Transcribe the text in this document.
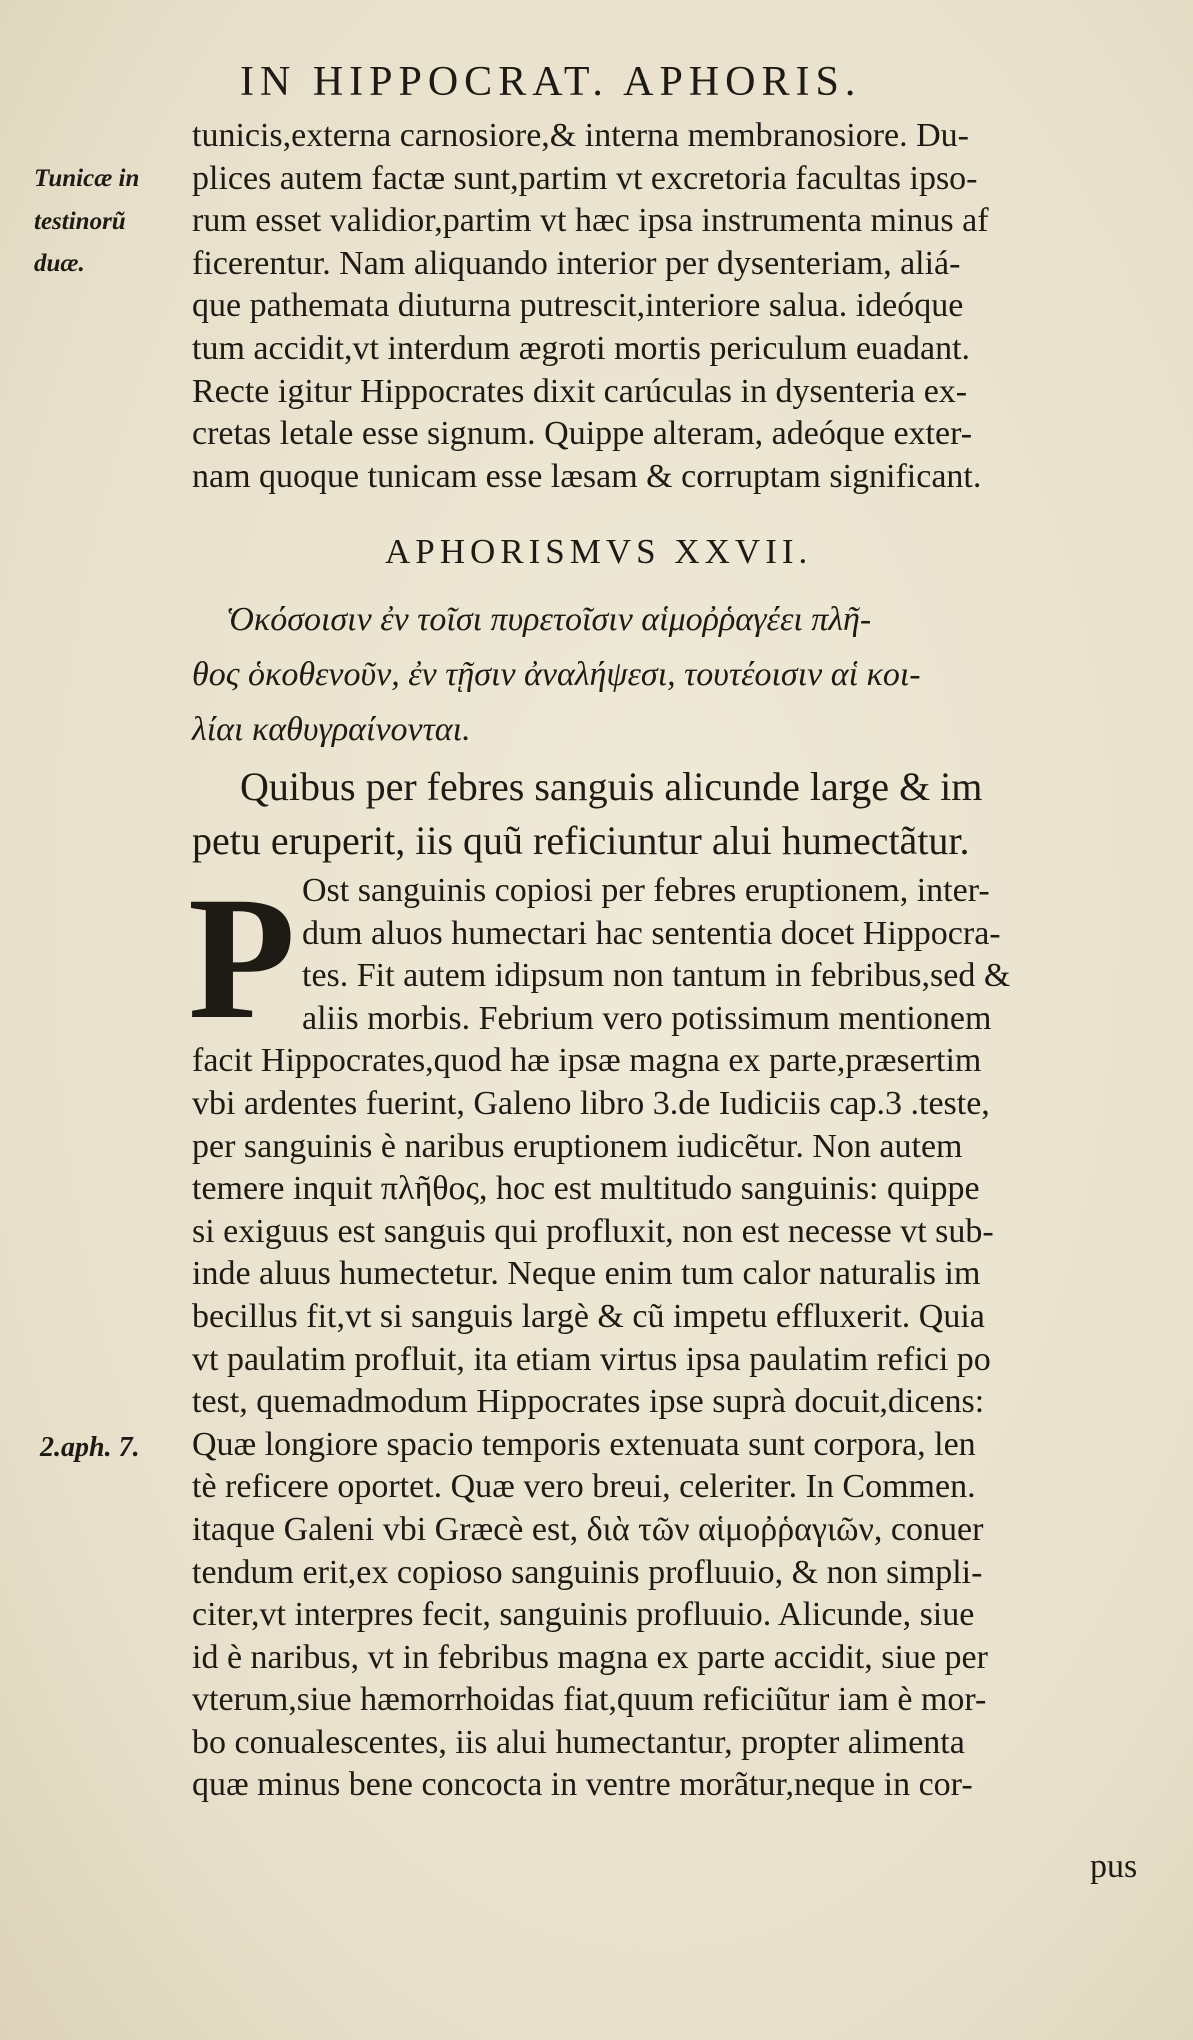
IN HIPPOCRAT. APHORIS.
Tunicæ in
testinorũ
duæ.
tunicis,externa carnosiore,& interna membranosiore. Du-
plices autem factæ sunt,partim vt excretoria facultas ipso-
rum esset validior,partim vt hæc ipsa instrumenta minus af
ficerentur. Nam aliquando interior per dysenteriam, aliá-
que pathemata diuturna putrescit,interiore salua. ideóque
tum accidit,vt interdum ægroti mortis periculum euadant.
Recte igitur Hippocrates dixit carúculas in dysenteria ex-
cretas letale esse signum. Quippe alteram, adeóque exter-
nam quoque tunicam esse læsam & corruptam significant.
APHORISMVS XXVII.
Ὁκόσοισιν ἐν τοῖσι πυρετοῖσιν αἱμοῤῥαγέει πλῆ-
θος ὁκοθενοῦν, ἐν τῇσιν ἀναλήψεσι, τουτέοισιν αἱ κοι-
λίαι καθυγραίνονται.
Quibus per febres sanguis alicunde large & im
petu eruperit, iis quũ reficiuntur alui humectãtur.
P Ost sanguinis copiosi per febres eruptionem, inter-
dum aluos humectari hac sententia docet Hippocra-
tes. Fit autem idipsum non tantum in febribus,sed &
aliis morbis. Febrium vero potissimum mentionem
facit Hippocrates,quod hæ ipsæ magna ex parte,præsertim
vbi ardentes fuerint, Galeno libro 3.de Iudiciis cap.3 .teste,
per sanguinis è naribus eruptionem iudicẽtur. Non autem
temere inquit πλῆθος, hoc est multitudo sanguinis: quippe
si exiguus est sanguis qui profluxit, non est necesse vt sub-
inde aluus humectetur. Neque enim tum calor naturalis im
becillus fit,vt si sanguis largè & cũ impetu effluxerit. Quia
vt paulatim profluit, ita etiam virtus ipsa paulatim refici po
test, quemadmodum Hippocrates ipse suprà docuit,dicens:
Quæ longiore spacio temporis extenuata sunt corpora, len
tè reficere oportet. Quæ vero breui, celeriter. In Commen.
itaque Galeni vbi Græcè est, διὰ τῶν αἱμοῤῥαγιῶν, conuer
tendum erit,ex copioso sanguinis profluuio, & non simpli-
citer,vt interpres fecit, sanguinis profluuio. Alicunde, siue
id è naribus, vt in febribus magna ex parte accidit, siue per
vterum,siue hæmorrhoidas fiat,quum reficiũtur iam è mor-
bo conualescentes, iis alui humectantur, propter alimenta
quæ minus bene concocta in ventre morãtur,neque in cor-
2.aph. 7.
pus
